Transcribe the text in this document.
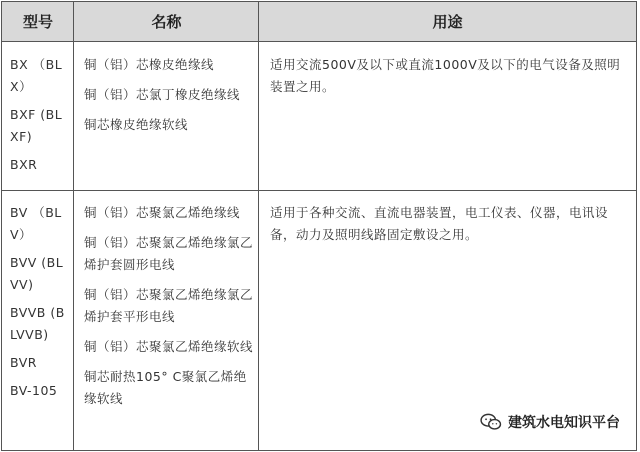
型号	名称	用途

BX （BL X）

BXF (BL XF)

BXR

铜（铝）芯橡皮绝缘线

铜（铝）芯氯丁橡皮绝缘线

铜芯橡皮绝缘软线

适用交流500V及以下或直流1000V及以下的电气设备及照明装置之用。

BV （BL V）

BVV (BL VV)

BVVB (B LVVB)

BVR

BV-105

铜（铝）芯聚氯乙烯绝缘线

铜（铝）芯聚氯乙烯绝缘氯乙烯护套圆形电线

铜（铝）芯聚氯乙烯绝缘氯乙烯护套平形电线

铜（铝）芯聚氯乙烯绝缘软线

铜芯耐热105° C聚氯乙烯绝缘软线

适用于各种交流、直流电器装置，电工仪表、仪器，电讯设备，动力及照明线路固定敷设之用。

建筑水电知识平台
